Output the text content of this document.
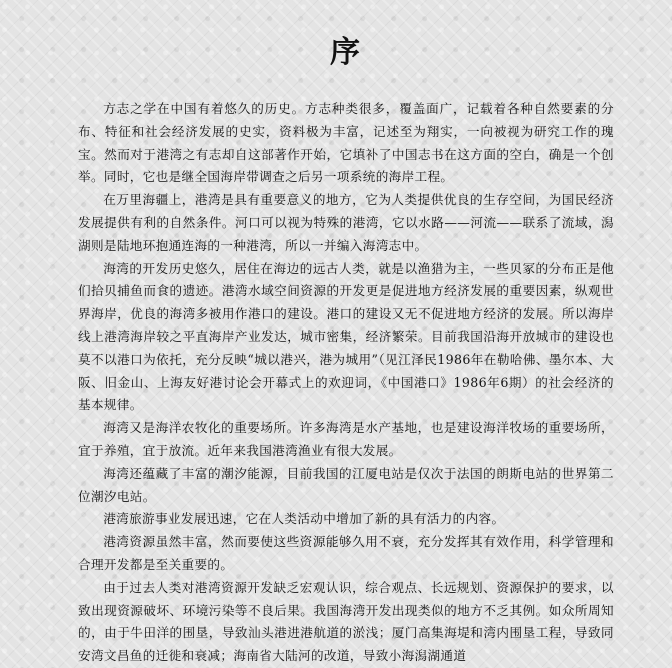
序

方志之学在中国有着悠久的历史。方志种类很多，覆盖面广，记载着各种自然要素的分布、特征和社会经济发展的史实，资料极为丰富，记述至为翔实，一向被视为研究工作的瑰宝。然而对于港湾之有志却自这部著作开始，它填补了中国志书在这方面的空白，确是一个创举。同时，它也是继全国海岸带调查之后另一项系统的海岸工程。

在万里海疆上，港湾是具有重要意义的地方，它为人类提供优良的生存空间，为国民经济发展提供有利的自然条件。河口可以视为特殊的港湾，它以水路——河流——联系了流域，潟湖则是陆地环抱通连海的一种港湾，所以一并编入海湾志中。

海湾的开发历史悠久，居住在海边的远古人类，就是以渔猎为主，一些贝冢的分布正是他们拾贝捕鱼而食的遗迹。港湾水域空间资源的开发更是促进地方经济发展的重要因素，纵观世界海岸，优良的海湾多被用作港口的建设。港口的建设又无不促进地方经济的发展。所以海岸线上港湾海岸较之平直海岸产业发达，城市密集，经济繁荣。目前我国沿海开放城市的建设也莫不以港口为依托，充分反映“城以港兴，港为城用”（见江泽民1986年在勒哈佛、墨尔本、大阪、旧金山、上海友好港讨论会开幕式上的欢迎词，《中国港口》1986年6期）的社会经济的基本规律。

海湾又是海洋农牧化的重要场所。许多海湾是水产基地，也是建设海洋牧场的重要场所，宜于养殖，宜于放流。近年来我国港湾渔业有很大发展。

海湾还蕴藏了丰富的潮汐能源，目前我国的江厦电站是仅次于法国的朗斯电站的世界第二位潮汐电站。

港湾旅游事业发展迅速，它在人类活动中增加了新的具有活力的内容。

港湾资源虽然丰富，然而要使这些资源能够久用不衰，充分发挥其有效作用，科学管理和合理开发都是至关重要的。

由于过去人类对港湾资源开发缺乏宏观认识，综合观点、长远规划、资源保护的要求，以致出现资源破坏、环境污染等不良后果。我国海湾开发出现类似的地方不乏其例。如众所周知的，由于牛田洋的围垦，导致汕头港进港航道的淤浅；厦门高集海堤和湾内围垦工程，导致同安湾文昌鱼的迁徙和衰减；海南省大陆河的改道，导致小海潟湖通道
